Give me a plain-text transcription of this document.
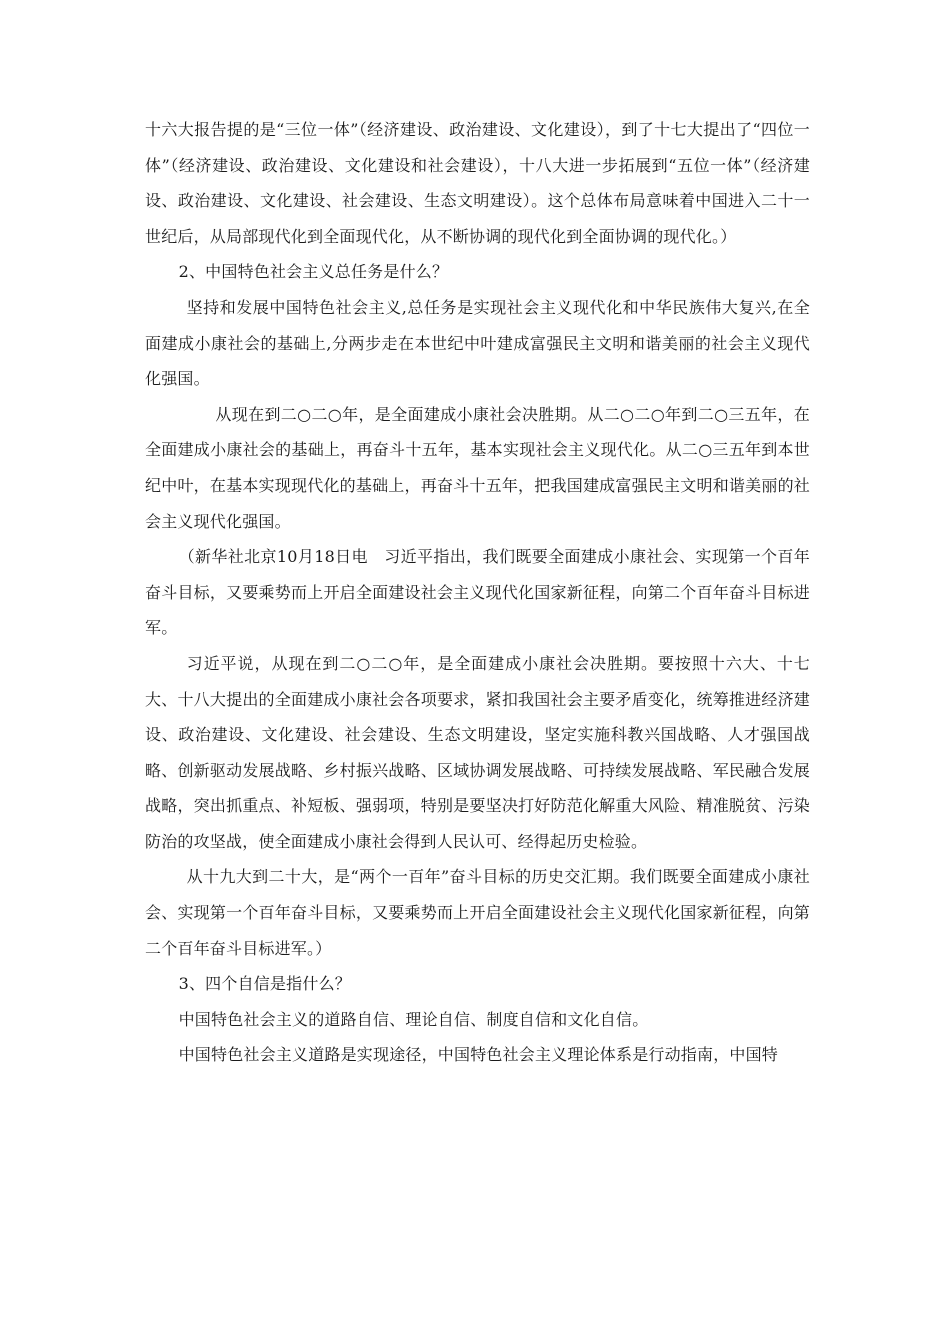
十六大报告提的是“三位一体”（经济建设、政治建设、文化建设），到了十七大提出了“四位一体”（经济建设、政治建设、文化建设和社会建设），十八大进一步拓展到“五位一体”（经济建设、政治建设、文化建设、社会建设、生态文明建设）。这个总体布局意味着中国进入二十一世纪后，从局部现代化到全面现代化，从不断协调的现代化到全面协调的现代化。）

2、中国特色社会主义总任务是什么？

坚持和发展中国特色社会主义,总任务是实现社会主义现代化和中华民族伟大复兴,在全面建成小康社会的基础上,分两步走在本世纪中叶建成富强民主文明和谐美丽的社会主义现代化强国。

从现在到二○二○年，是全面建成小康社会决胜期。从二○二○年到二○三五年，在全面建成小康社会的基础上，再奋斗十五年，基本实现社会主义现代化。从二○三五年到本世纪中叶，在基本实现现代化的基础上，再奋斗十五年，把我国建成富强民主文明和谐美丽的社会主义现代化强国。

（新华社北京10月18日电　习近平指出，我们既要全面建成小康社会、实现第一个百年奋斗目标，又要乘势而上开启全面建设社会主义现代化国家新征程，向第二个百年奋斗目标进军。

习近平说，从现在到二○二○年，是全面建成小康社会决胜期。要按照十六大、十七大、十八大提出的全面建成小康社会各项要求，紧扣我国社会主要矛盾变化，统筹推进经济建设、政治建设、文化建设、社会建设、生态文明建设，坚定实施科教兴国战略、人才强国战略、创新驱动发展战略、乡村振兴战略、区域协调发展战略、可持续发展战略、军民融合发展战略，突出抓重点、补短板、强弱项，特别是要坚决打好防范化解重大风险、精准脱贫、污染防治的攻坚战，使全面建成小康社会得到人民认可、经得起历史检验。

从十九大到二十大，是“两个一百年”奋斗目标的历史交汇期。我们既要全面建成小康社会、实现第一个百年奋斗目标，又要乘势而上开启全面建设社会主义现代化国家新征程，向第二个百年奋斗目标进军。）

3、四个自信是指什么？

中国特色社会主义的道路自信、理论自信、制度自信和文化自信。

中国特色社会主义道路是实现途径，中国特色社会主义理论体系是行动指南，中国特
